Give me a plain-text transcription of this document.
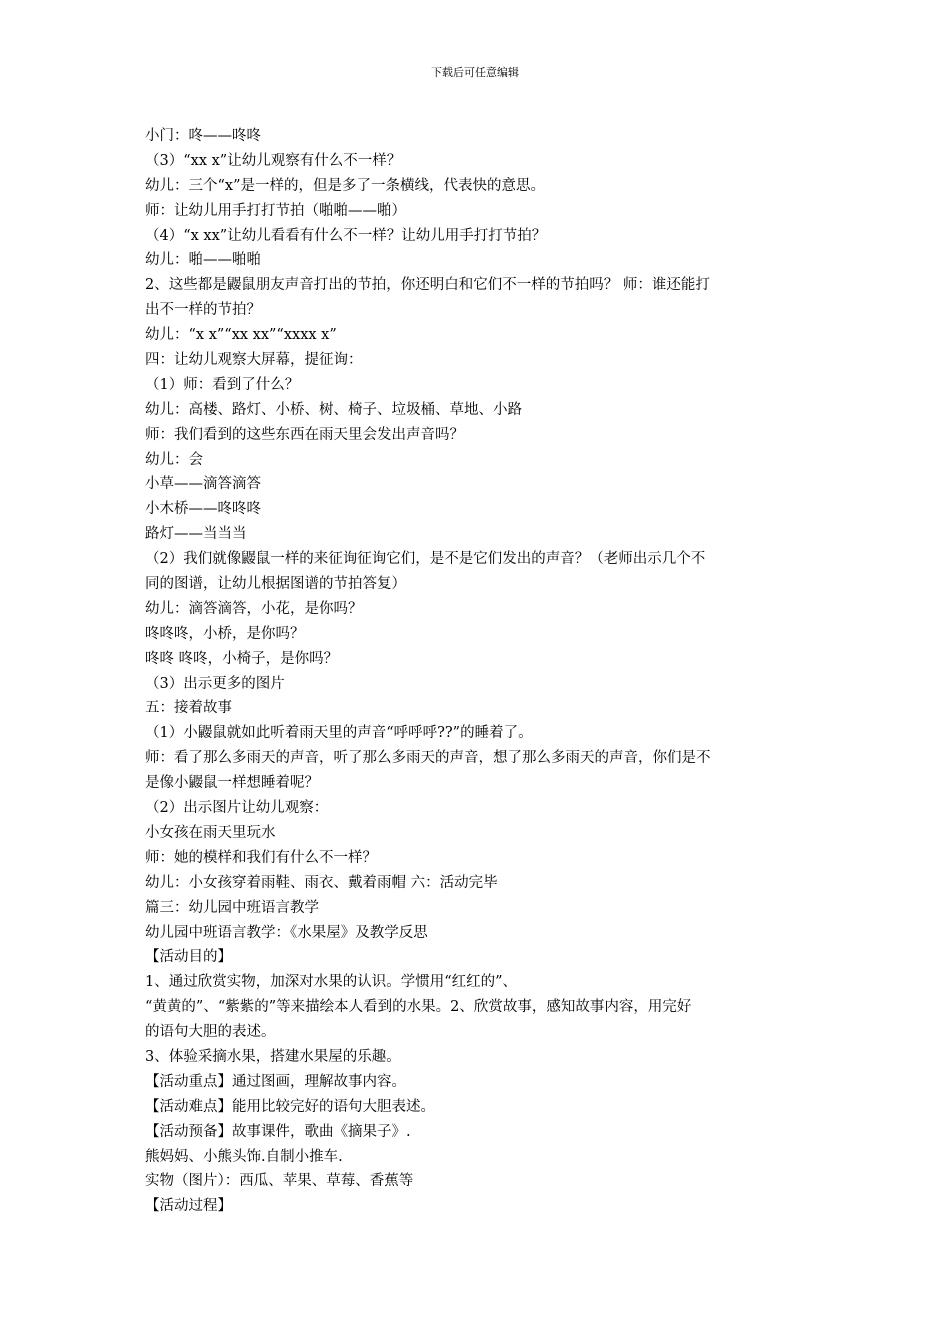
下载后可任意编辑
小门：咚——咚咚
（3）“xx x”让幼儿观察有什么不一样？
幼儿：三个“x”是一样的，但是多了一条横线，代表快的意思。
师：让幼儿用手打打节拍（啪啪——啪）
（4）“x xx”让幼儿看看有什么不一样？让幼儿用手打打节拍？
幼儿：啪——啪啪
2、这些都是鼹鼠朋友声音打出的节拍，你还明白和它们不一样的节拍吗？ 师：谁还能打
出不一样的节拍？
幼儿：“x x”“xx xx”“xxxx x”
四：让幼儿观察大屏幕，提征询：
（1）师：看到了什么？
幼儿：高楼、路灯、小桥、树、椅子、垃圾桶、草地、小路
师：我们看到的这些东西在雨天里会发出声音吗？
幼儿：会
小草——滴答滴答
小木桥——咚咚咚
路灯——当当当
（2）我们就像鼹鼠一样的来征询征询它们，是不是它们发出的声音？（老师出示几个不
同的图谱，让幼儿根据图谱的节拍答复）
幼儿：滴答滴答，小花，是你吗？
咚咚咚，小桥，是你吗？
咚咚 咚咚，小椅子，是你吗？
（3）出示更多的图片
五：接着故事
（1）小鼹鼠就如此听着雨天里的声音“呼呼呼??”的睡着了。
师：看了那么多雨天的声音，听了那么多雨天的声音，想了那么多雨天的声音，你们是不
是像小鼹鼠一样想睡着呢？
（2）出示图片让幼儿观察：
小女孩在雨天里玩水
师：她的模样和我们有什么不一样？
幼儿：小女孩穿着雨鞋、雨衣、戴着雨帽 六：活动完毕
篇三：幼儿园中班语言教学
幼儿园中班语言教学：《水果屋》及教学反思
【活动目的】
1、通过欣赏实物，加深对水果的认识。学惯用“红红的”、
“黄黄的”、“紫紫的”等来描绘本人看到的水果。2、欣赏故事，感知故事内容，用完好
的语句大胆的表述。
3、体验采摘水果，搭建水果屋的乐趣。
【活动重点】通过图画，理解故事内容。
【活动难点】能用比较完好的语句大胆表述。
【活动预备】故事课件，歌曲《摘果子》.
熊妈妈、小熊头饰.自制小推车.
实物（图片）：西瓜、苹果、草莓、香蕉等
【活动过程】
